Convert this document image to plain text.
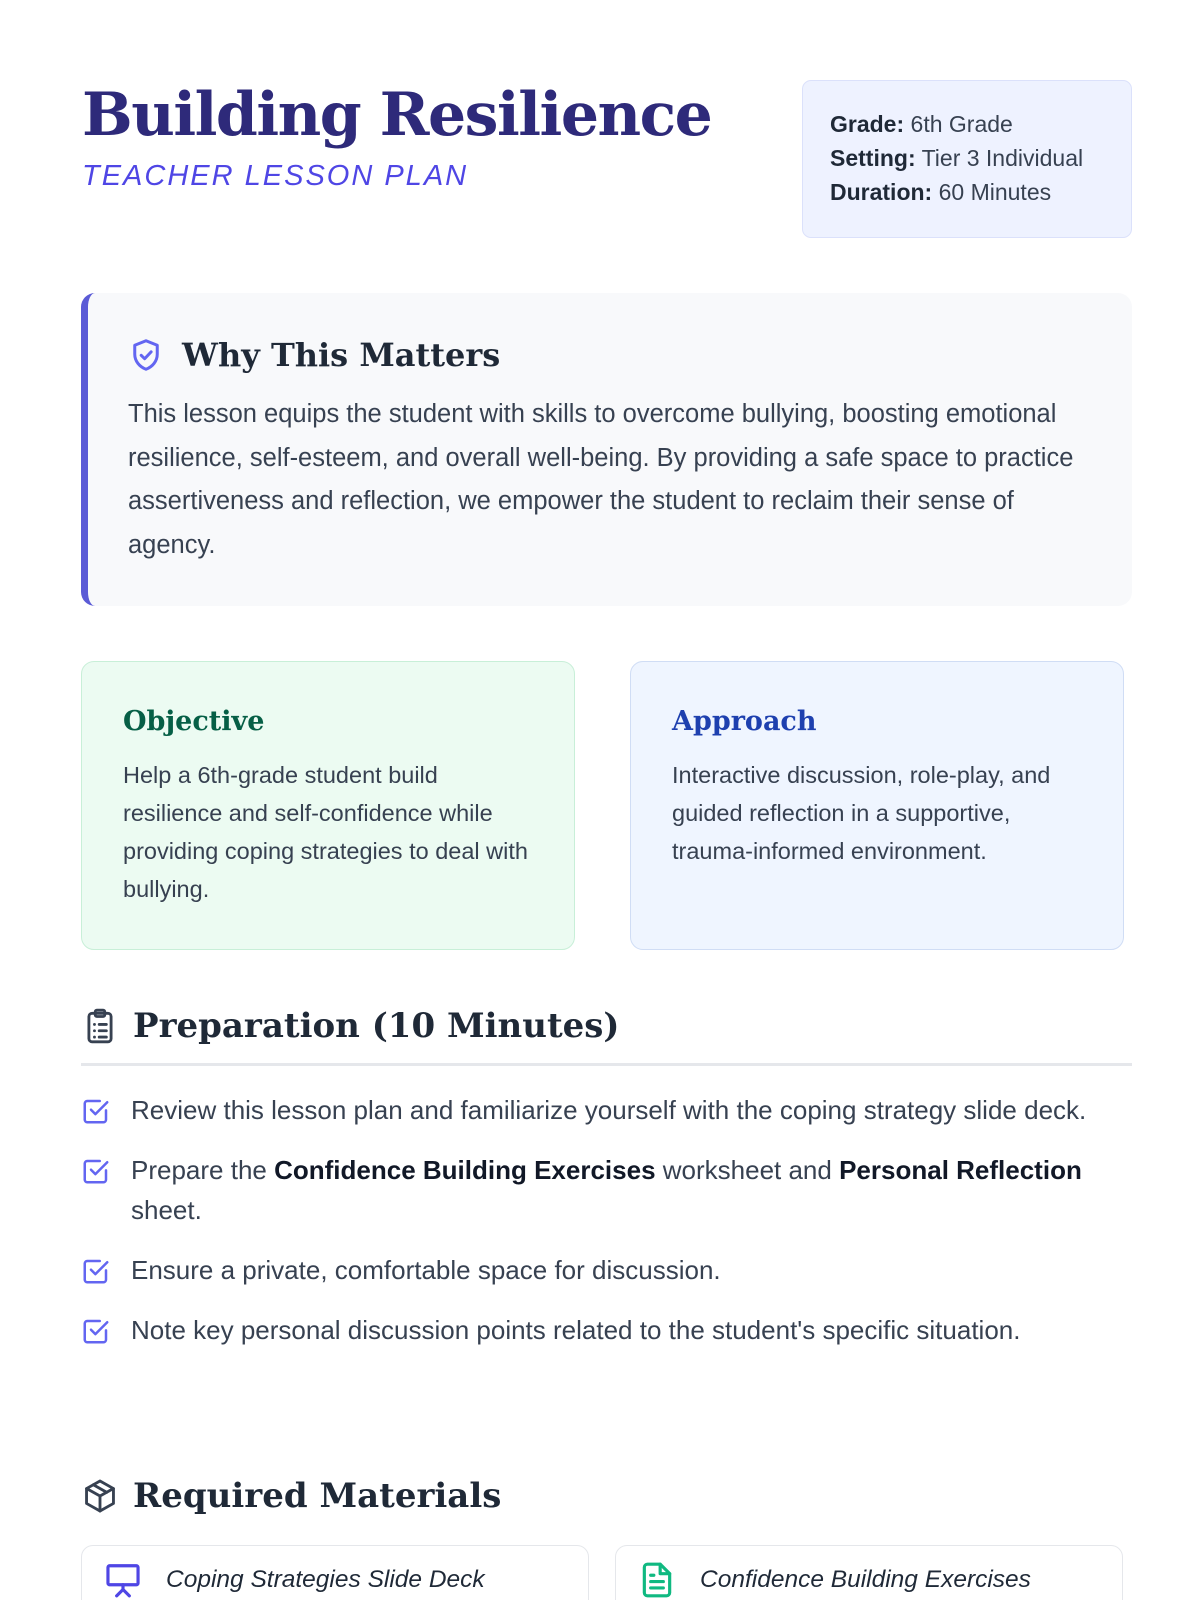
Building Resilience
TEACHER LESSON PLAN
Grade: 6th Grade
Setting: Tier 3 Individual
Duration: 60 Minutes
Why This Matters

This lesson equips the student with skills to overcome bullying, boosting emotional resilience, self-esteem, and overall well-being. By providing a safe space to practice assertiveness and reflection, we empower the student to reclaim their sense of agency.

Objective

Help a 6th-grade student build resilience and self-confidence while providing coping strategies to deal with bullying.

Approach

Interactive discussion, role-play, and guided reflection in a supportive, trauma-informed environment.

Preparation (10 Minutes)
Review this lesson plan and familiarize yourself with the coping strategy slide deck.
Prepare the Confidence Building Exercises worksheet and Personal Reflection sheet.
Ensure a private, comfortable space for discussion.
Note key personal discussion points related to the student's specific situation.
Required Materials
Coping Strategies Slide Deck	Confidence Building Exercises
